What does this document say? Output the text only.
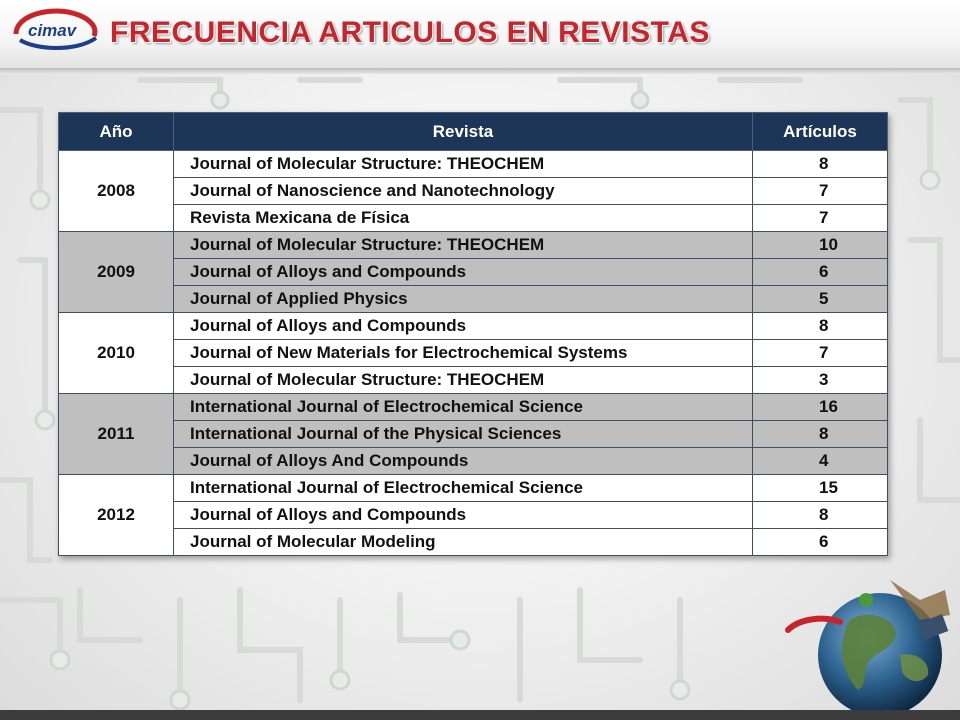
cimav FRECUENCIA ARTICULOS EN REVISTAS
Año	Revista	Artículos
2008	Journal of Molecular Structure: THEOCHEM	8
	Journal of Nanoscience and Nanotechnology	7
	Revista Mexicana de Física	7
2009	Journal of Molecular Structure: THEOCHEM	10
	Journal of Alloys and Compounds	6
	Journal of Applied Physics	5
2010	Journal of Alloys and Compounds	8
	Journal of New Materials for Electrochemical Systems	7
	Journal of Molecular Structure: THEOCHEM	3
2011	International Journal of Electrochemical Science	16
	International Journal of the Physical Sciences	8
	Journal of Alloys And Compounds	4
2012	International Journal of Electrochemical Science	15
	Journal of Alloys and Compounds	8
	Journal of Molecular Modeling	6
